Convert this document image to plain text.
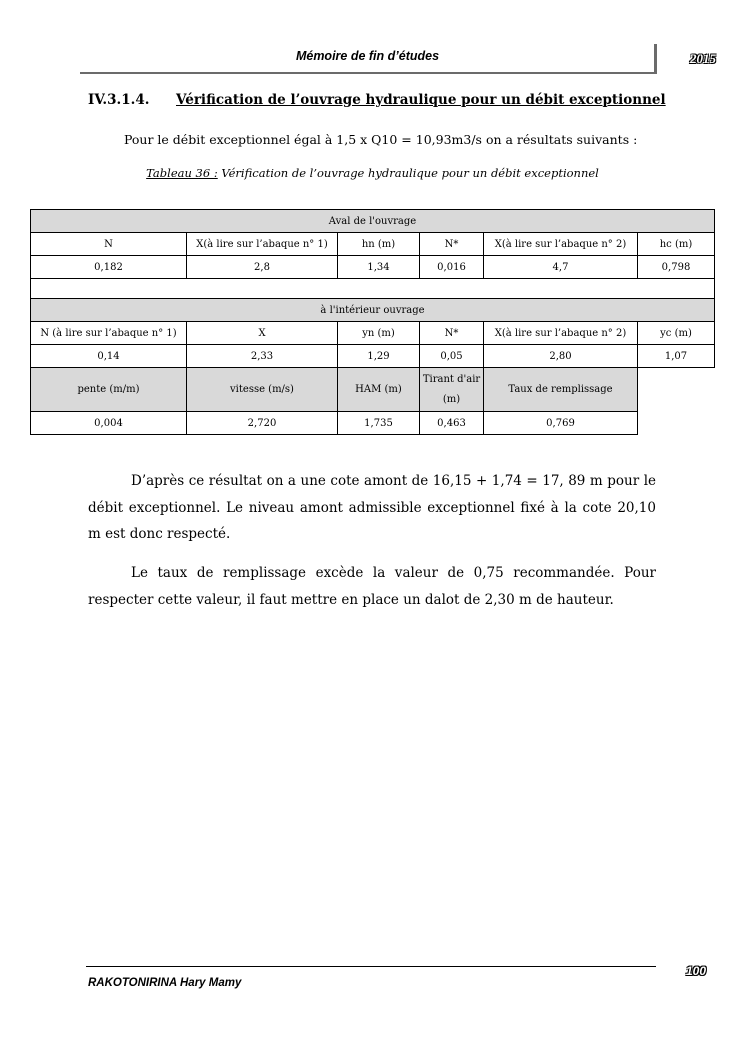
Mémoire de fin d’études	2015
IV.3.1.4. Vérification de l’ouvrage hydraulique pour un débit exceptionnel
Pour le débit exceptionnel égal à 1,5 x Q10 = 10,93m3/s on a résultats suivants :
Tableau 36 : Vérification de l’ouvrage hydraulique pour un débit exceptionnel
Aval de l'ouvrage					
N	X(à lire sur l’abaque n° 1)	hn (m)	N*	X(à lire sur l’abaque n° 2)	hc (m)
0,182	2,8	1,34	0,016	4,7	0,798

à l'intérieur ouvrage					
N (à lire sur l’abaque n° 1)	X	yn (m)	N*	X(à lire sur l’abaque n° 2)	yc (m)
0,14	2,33	1,29	0,05	2,80	1,07
pente (m/m)	vitesse (m/s)	HAM (m)	Tirant d'air (m)	Taux de remplissage	
0,004	2,720	1,735	0,463	0,769	
D’après ce résultat on a une cote amont de 16,15 + 1,74 = 17, 89 m pour le débit exceptionnel. Le niveau amont admissible exceptionnel fixé à la cote 20,10 m est donc respecté.
Le taux de remplissage excède la valeur de 0,75 recommandée. Pour respecter cette valeur, il faut mettre en place un dalot de 2,30 m de hauteur.
100
RAKOTONIRINA Hary Mamy
